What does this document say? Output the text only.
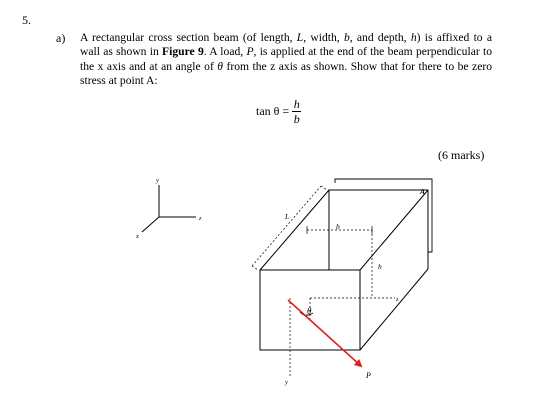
5.
a) A rectangular cross section beam (of length, L, width, b, and depth, h) is affixed to a wall as shown in Figure 9. A load, P, is applied at the end of the beam perpendicular to the x axis and at an angle of θ from the z axis as shown. Show that for there to be zero stress at point A:
$\tan \theta = \frac{h}{b}$
(6 marks)
y
z
x
L
b
h
A
θ
P
y
z
